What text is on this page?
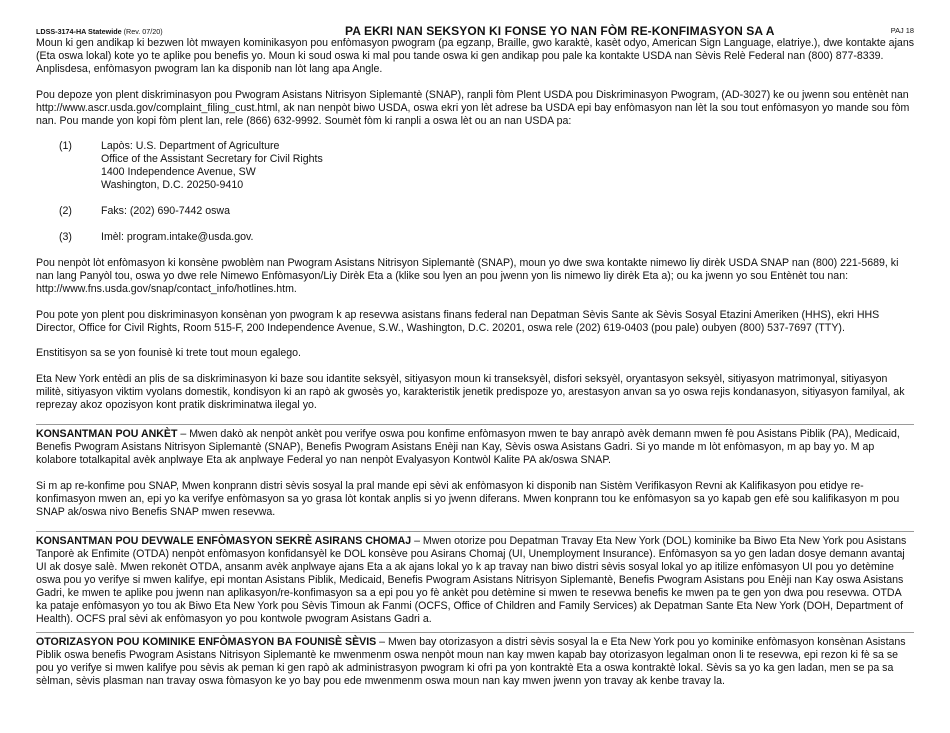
LDSS-3174-HA Statewide (Rev. 07/20)	PA EKRI NAN SEKSYON KI FONSE YO NAN FÒM RE-KONFIMASYON SA A	PAJ 18

Moun ki gen andikap ki bezwen lòt mwayen kominikasyon pou enfòmasyon pwogram (pa egzanp, Braille, gwo karaktè, kasèt odyo, American Sign Language, elatriye.), dwe kontakte ajans (Eta oswa lokal) kote yo te aplike pou benefis yo. Moun ki soud oswa ki mal pou tande oswa ki gen andikap pou pale ka kontakte USDA nan Sèvis Relè Federal nan (800) 877-8339. Anplisdesa, enfòmasyon pwogram lan ka disponib nan lòt lang apa Angle.

Pou depoze yon plent diskriminasyon pou Pwogram Asistans Nitrisyon Siplemantè (SNAP), ranpli fòm Plent USDA pou Diskriminasyon Pwogram, (AD-3027) ke ou jwenn sou entènèt nan http://www.ascr.usda.gov/complaint_filing_cust.html, ak nan nenpòt biwo USDA, oswa ekri yon lèt adrese ba USDA epi bay enfòmasyon nan lèt la sou tout enfòmasyon yo mande sou fòm nan. Pou mande yon kopi fòm plent lan, rele (866) 632-9992. Soumèt fòm ki ranpli a oswa lèt ou an nan USDA pa:

(1)	Lapòs: U.S. Department of Agriculture
Office of the Assistant Secretary for Civil Rights
1400 Independence Avenue, SW
Washington, D.C. 20250-9410
(2)	Faks: (202) 690-7442 oswa
(3)	Imèl: program.intake@usda.gov.

Pou nenpòt lòt enfòmasyon ki konsène pwoblèm nan Pwogram Asistans Nitrisyon Siplemantè (SNAP), moun yo dwe swa kontakte nimewo liy dirèk USDA SNAP nan (800) 221-5689, ki nan lang Panyòl tou, oswa yo dwe rele Nimewo Enfòmasyon/Liy Dirèk Eta a (klike sou lyen an pou jwenn yon lis nimewo liy dirèk Eta a); ou ka jwenn yo sou Entènèt tou nan: http://www.fns.usda.gov/snap/contact_info/hotlines.htm.

Pou pote yon plent pou diskriminasyon konsènan yon pwogram k ap resevwa asistans finans federal nan Depatman Sèvis Sante ak Sèvis Sosyal Etazini Ameriken (HHS), ekri HHS Director, Office for Civil Rights, Room 515-F, 200 Independence Avenue, S.W., Washington, D.C. 20201, oswa rele (202) 619-0403 (pou pale) oubyen (800) 537-7697 (TTY).

Enstitisyon sa se yon founisè ki trete tout moun egalego.

Eta New York entèdi an plis de sa diskriminasyon ki baze sou idantite seksyèl, sitiyasyon moun ki transeksyèl, disfori seksyèl, oryantasyon seksyèl, sitiyasyon matrimonyal, sitiyasyon militè, sitiyasyon viktim vyolans domestik, kondisyon ki an rapò ak gwosès yo, karakteristik jenetik predispoze yo, arestasyon anvan sa yo oswa rejis kondanasyon, sitiyasyon familyal, ak reprezay akoz opozisyon kont pratik diskriminatwa ilegal yo.

KONSANTMAN POU ANKÈT – Mwen dakò ak nenpòt ankèt pou verifye oswa pou konfime enfòmasyon mwen te bay anrapò avèk demann mwen fè pou Asistans Piblik (PA), Medicaid, Benefis Pwogram Asistans Nitrisyon Siplemantè (SNAP), Benefis Pwogram Asistans Enèji nan Kay, Sèvis oswa Asistans Gadri. Si yo mande m lòt enfòmasyon, m ap bay yo. M ap kolabore totalkapital avèk anplwaye Eta ak anplwaye Federal yo nan nenpòt Evalyasyon Kontwòl Kalite PA ak/oswa SNAP.

Si m ap re-konfime pou SNAP, Mwen konprann distri sèvis sosyal la pral mande epi sèvi ak enfòmasyon ki disponib nan Sistèm Verifikasyon Revni ak Kalifikasyon pou etidye re-konfimasyon mwen an, epi yo ka verifye enfòmasyon sa yo grasa lòt kontak anplis si yo jwenn diferans. Mwen konprann tou ke enfòmasyon sa yo kapab gen efè sou kalifikasyon m pou SNAP ak/oswa nivo Benefis SNAP mwen resevwa.

KONSANTMAN POU DEVWALE ENFÒMASYON SEKRÈ ASIRANS CHOMAJ – Mwen otorize pou Depatman Travay Eta New York (DOL) kominike ba Biwo Eta New York pou Asistans Tanporè ak Enfimite (OTDA) nenpòt enfòmasyon konfidansyèl ke DOL konsève pou Asirans Chomaj (UI, Unemployment Insurance). Enfòmasyon sa yo gen ladan dosye demann avantaj UI ak dosye salè. Mwen rekonèt OTDA, ansanm avèk anplwaye ajans Eta a ak ajans lokal yo k ap travay nan biwo distri sèvis sosyal lokal yo ap itilize enfòmasyon UI pou yo detèmine oswa pou yo verifye si mwen kalifye, epi montan Asistans Piblik, Medicaid, Benefis Pwogram Asistans Nitrisyon Siplemantè, Benefis Pwogram Asistans pou Enèji nan Kay oswa Asistans Gadri, ke mwen te aplike pou jwenn nan aplikasyon/re-konfimasyon sa a epi pou yo fè ankèt pou detèmine si mwen te resevwa benefis ke mwen pa te gen yon dwa pou resevwa. OTDA ka pataje enfòmasyon yo tou ak Biwo Eta New York pou Sèvis Timoun ak Fanmi (OCFS, Office of Children and Family Services) ak Depatman Sante Eta New York (DOH, Department of Health). OCFS pral sèvi ak enfòmasyon yo pou kontwole pwogram Asistans Gadri a.

OTORIZASYON POU KOMINIKE ENFÒMASYON BA FOUNISÈ SÈVIS – Mwen bay otorizasyon a distri sèvis sosyal la e Eta New York pou yo kominike enfòmasyon konsènan Asistans Piblik oswa benefis Pwogram Asistans Nitrisyon Siplemantè ke mwenmenm oswa nenpòt moun nan kay mwen kapab bay otorizasyon legalman onon li te resevwa, epi rezon ki fè sa se pou yo verifye si mwen kalifye pou sèvis ak peman ki gen rapò ak administrasyon pwogram ki ofri pa yon kontraktè Eta a oswa kontraktè lokal. Sèvis sa yo ka gen ladan, men se pa sa sèlman, sèvis plasman nan travay oswa fòmasyon ke yo bay pou ede mwenmenm oswa moun nan kay mwen jwenn yon travay ak kenbe travay la.
